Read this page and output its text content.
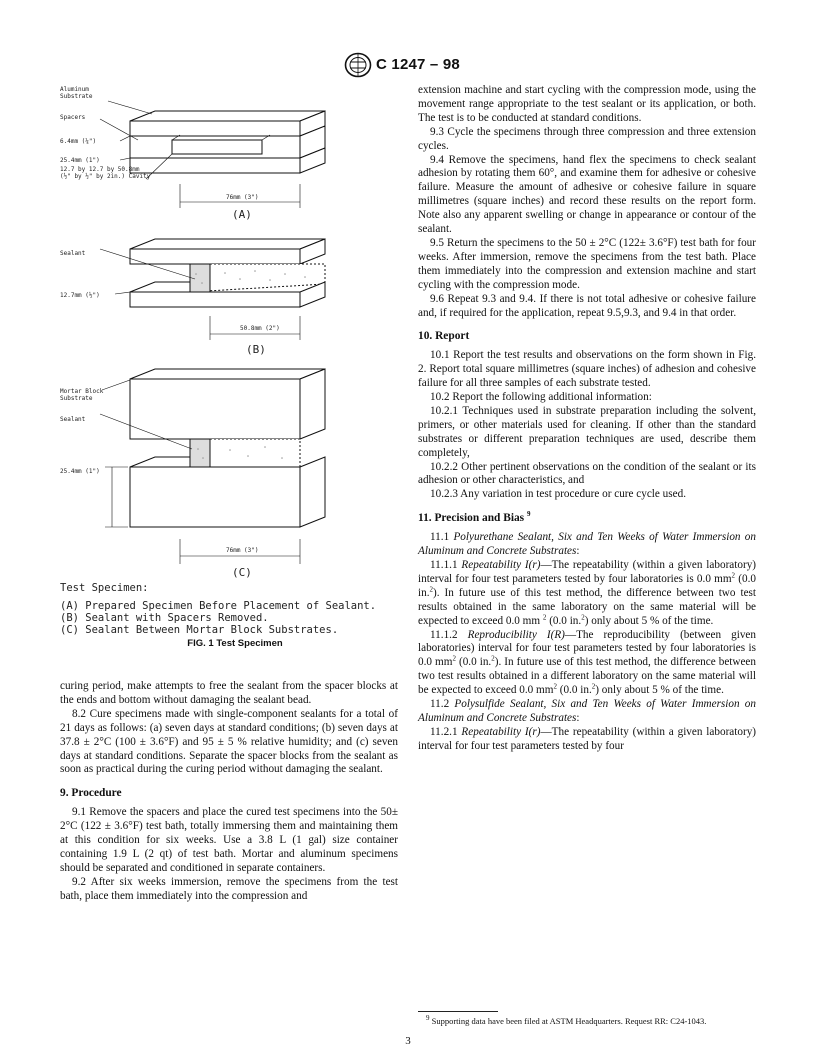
C 1247 – 98
Aluminum
Substrate
Spacers
6.4mm (¼")
25.4mm (1")
12.7 by 12.7 by 50.8mm
(½" by ½" by 2in.) Cavity
76mm (3")
(A)
Sealant
12.7mm (½")
50.8mm (2")
(B)
Mortar Block
Substrate
Sealant
25.4mm (1")
76mm (3")
(C)
Test Specimen:
(A) Prepared Specimen Before Placement of Sealant.
(B) Sealant with Spacers Removed.
(C) Sealant Between Mortar Block Substrates.
FIG. 1 Test Specimen

curing period, make attempts to free the sealant from the spacer blocks at the ends and bottom without damaging the sealant bead.

8.2 Cure specimens made with single-component sealants for a total of 21 days as follows: (a) seven days at standard conditions; (b) seven days at 37.8 ± 2°C (100 ± 3.6°F) and 95 ± 5 % relative humidity; and (c) seven days at standard conditions. Separate the spacer blocks from the sealant as soon as practical during the curing period without damaging the sealant.

9. Procedure

9.1 Remove the spacers and place the cured test specimens into the 50± 2°C (122 ± 3.6°F) test bath, totally immersing them and maintaining them at this condition for six weeks. Use a 3.8 L (1 gal) size container containing 1.9 L (2 qt) of test bath. Mortar and aluminum specimens should be separated and conditioned in separate containers.

9.2 After six weeks immersion, remove the specimens from the test bath, place them immediately into the compression and

extension machine and start cycling with the compression mode, using the movement range appropriate to the test sealant or its application, or both. The test is to be conducted at standard conditions.

9.3 Cycle the specimens through three compression and three extension cycles.

9.4 Remove the specimens, hand flex the specimens to check sealant adhesion by rotating them 60°, and examine them for adhesive or cohesive failure. Measure the amount of adhesive or cohesive failure in square millimetres (square inches) and record these results on the report form. Note also any apparent swelling or change in appearance or contour of the sealant.

9.5 Return the specimens to the 50 ± 2°C (122± 3.6°F) test bath for four weeks. After immersion, remove the specimens from the test bath. Place them immediately into the compression and extension machine and start cycling with the compression mode.

9.6 Repeat 9.3 and 9.4. If there is not total adhesive or cohesive failure and, if required for the application, repeat 9.5,9.3, and 9.4 in that order.

10. Report

10.1 Report the test results and observations on the form shown in Fig. 2. Report total square millimetres (square inches) of adhesion and cohesive failure for all three samples of each substrate tested.

10.2 Report the following additional information:

10.2.1 Techniques used in substrate preparation including the solvent, primers, or other materials used for cleaning. If other than the standard substrates or different preparation techniques are used, describe them completely,

10.2.2 Other pertinent observations on the condition of the sealant or its adhesion or other characteristics, and

10.2.3 Any variation in test procedure or cure cycle used.

11. Precision and Bias $^9$

11.1 Polyurethane Sealant, Six and Ten Weeks of Water Immersion on Aluminum and Concrete Substrates:

11.1.1 Repeatability I(r)—The repeatability (within a given laboratory) interval for four test parameters tested by four laboratories is 0.0 $mm^2$ (0.0 in.$^2$). In future use of this test method, the difference between two test results obtained in the same laboratory on the same material will be expected to exceed 0.0 mm $^2$ (0.0 in.$^2$) only about 5 % of the time.

11.1.2 Reproducibility I(R)—The reproducibility (between given laboratories) interval for four test parameters tested by four laboratories is 0.0 $mm^2$ (0.0 in.$^2$). In future use of this test method, the difference between two test results obtained in a different laboratory on the same material will be expected to exceed 0.0 $mm^2$ (0.0 in.$^2$) only about 5 % of the time.

11.2 Polysulfide Sealant, Six and Ten Weeks of Water Immersion on Aluminum and Concrete Substrates:

11.2.1 Repeatability I(r)—The repeatability (within a given laboratory) interval for four test parameters tested by four

$^9$ Supporting data have been filed at ASTM Headquarters. Request RR: C24-1043.
3
